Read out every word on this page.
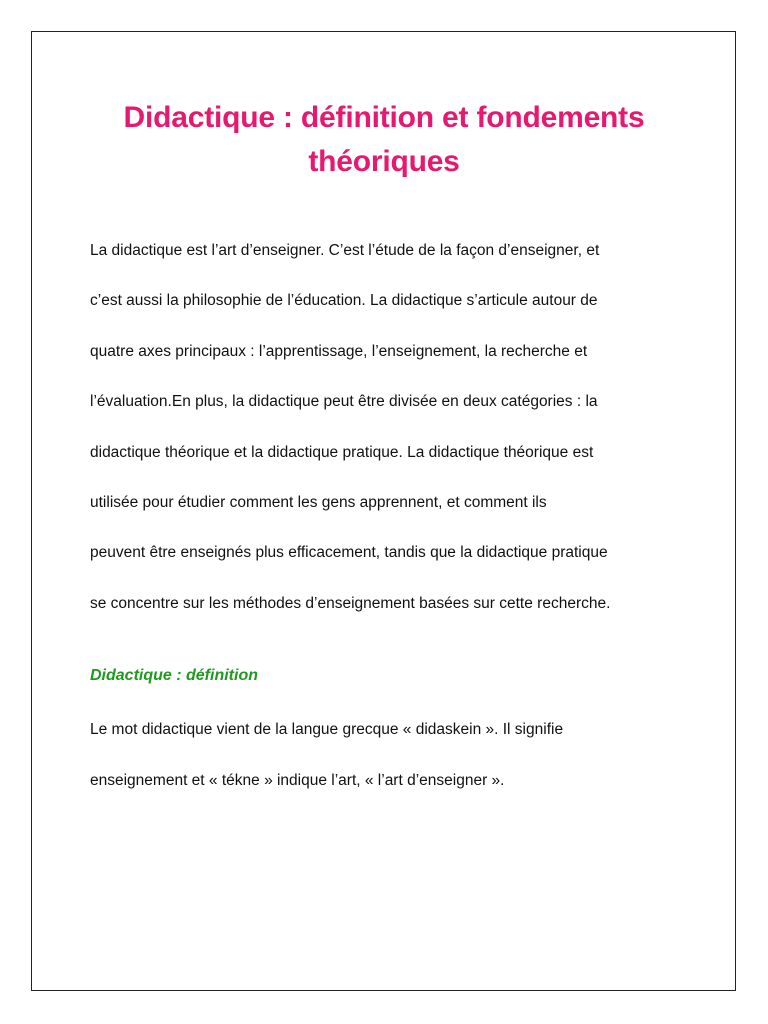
Didactique : définition et fondements
théoriques

La didactique est l’art d’enseigner. C’est l’étude de la façon d’enseigner, et

c’est aussi la philosophie de l’éducation. La didactique s’articule autour de

quatre axes principaux : l’apprentissage, l’enseignement, la recherche et

l’évaluation.En plus, la didactique peut être divisée en deux catégories : la

didactique théorique et la didactique pratique. La didactique théorique est

utilisée pour étudier comment les gens apprennent, et comment ils

peuvent être enseignés plus efficacement, tandis que la didactique pratique

se concentre sur les méthodes d’enseignement basées sur cette recherche.

Didactique : définition

Le mot didactique vient de la langue grecque « didaskein ». Il signifie

enseignement et « tékne » indique l’art, « l’art d’enseigner ».
